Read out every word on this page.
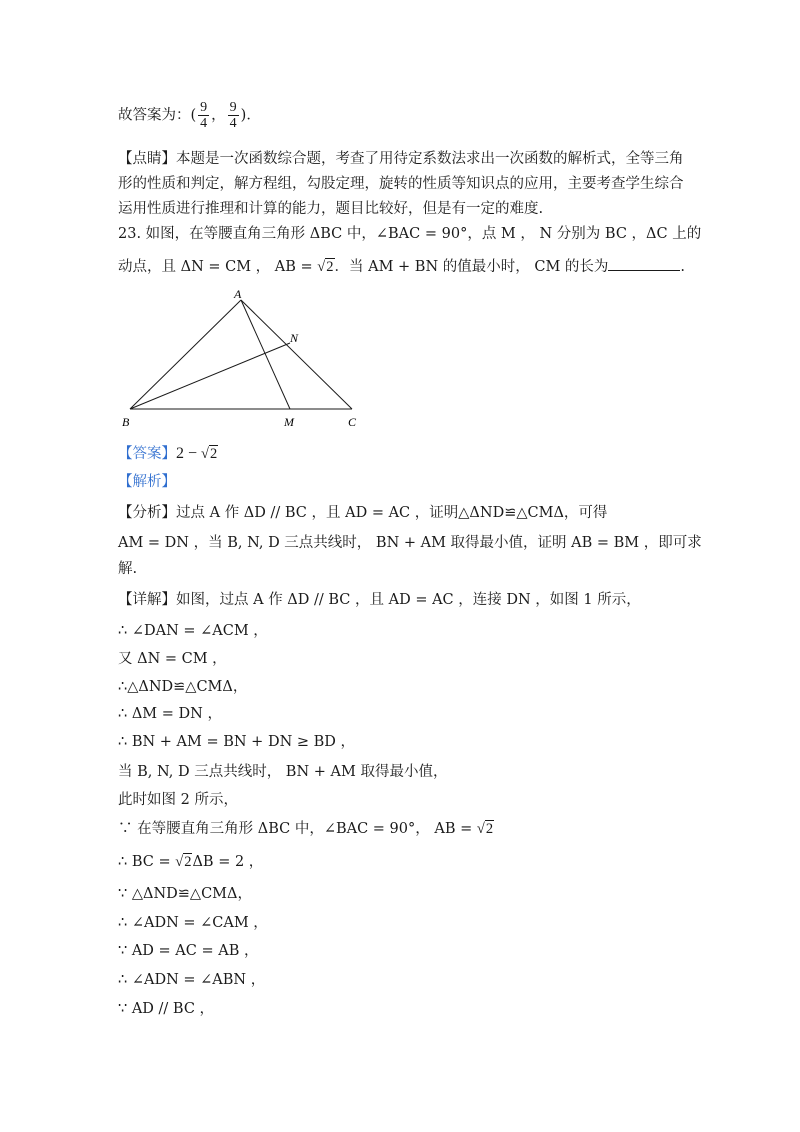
故答案为：( $\frac{9}{4}$ ， $\frac{9}{4}$ )．
【点睛】本题是一次函数综合题，考查了用待定系数法求出一次函数的解析式，全等三角
形的性质和判定，解方程组，勾股定理，旋转的性质等知识点的应用，主要考查学生综合
运用性质进行推理和计算的能力，题目比较好，但是有一定的难度.
23. 如图，在等腰直角三角形 ΔBC 中，∠BAC = 90°，点 M ， N 分别为 BC ，ΔC 上的
动点，且 ΔN = CM ， AB = √2．当 AM + BN 的值最小时， CM 的长为	.
A
N
B	M	C
【答案】2 − √2
【解析】
【分析】过点 A 作 ΔD // BC ，且 AD = AC ，证明△ΔND≌△CMΔ，可得
AM = DN ，当 B, N, D 三点共线时， BN + AM 取得最小值，证明 AB = BM ，即可求
解.
【详解】如图，过点 A 作 ΔD // BC ，且 AD = AC ，连接 DN ，如图 1 所示，
∴ ∠DAN = ∠ACM ，
又 ΔN = CM ，
∴△ΔND≌△CMΔ，
∴ ΔM = DN ，
∴ BN + AM = BN + DN ≥ BD ，
当 B, N, D 三点共线时， BN + AM 取得最小值，
此时如图 2 所示，
∵ 在等腰直角三角形 ΔBC 中，∠BAC = 90°， AB = √2
∴ BC = √2ΔB = 2 ，
∵ △ΔND≌△CMΔ，
∴ ∠ADN = ∠CAM ，
∵ AD = AC = AB ，
∴ ∠ADN = ∠ABN ，
∵ AD // BC ，
